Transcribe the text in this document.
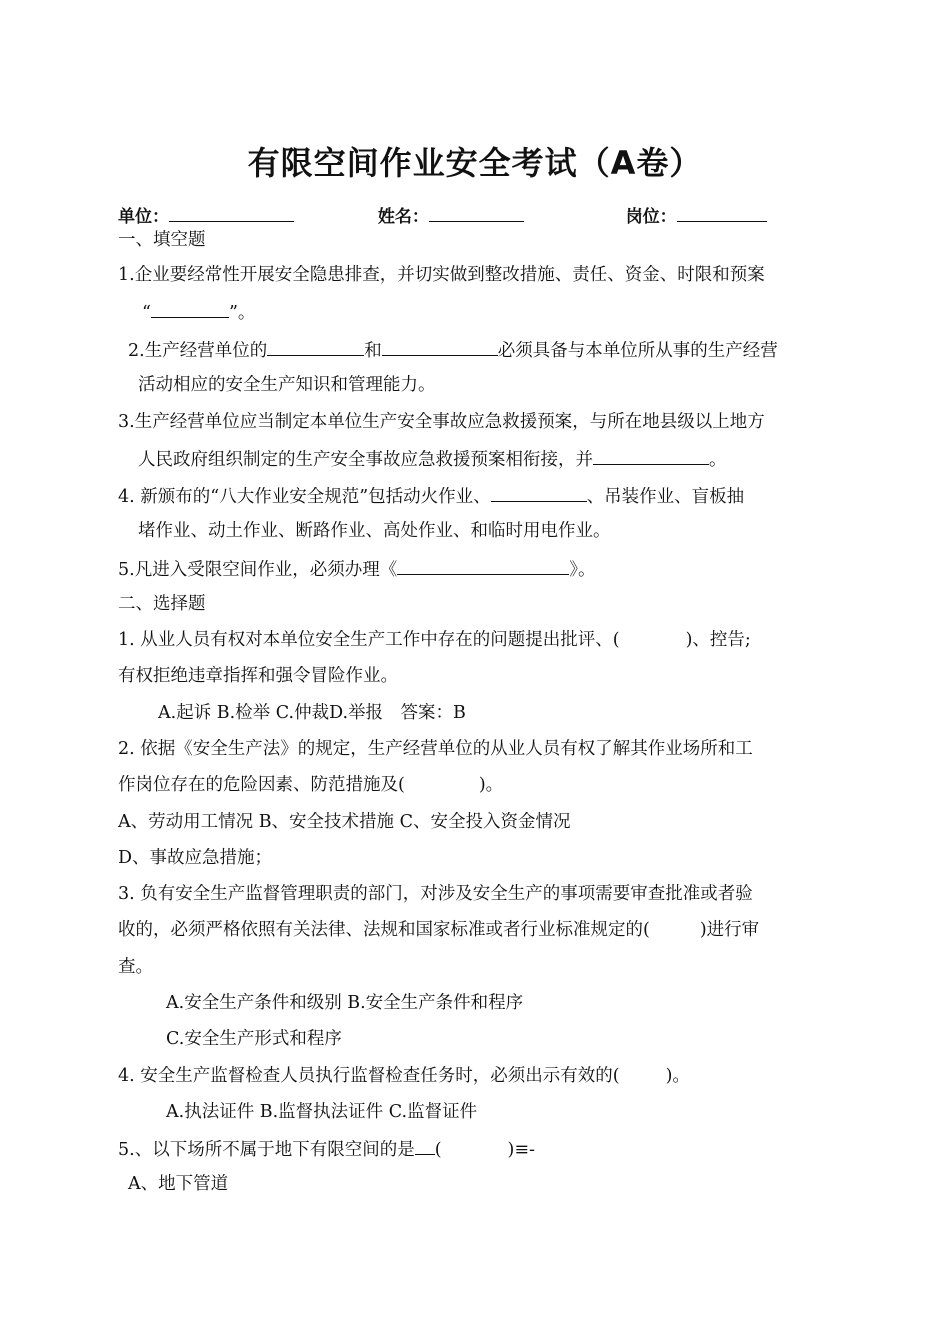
有限空间作业安全考试（A卷）
单位：	姓名：	岗位：
一、填空题
1.企业要经常性开展安全隐患排查，并切实做到整改措施、责任、资金、时限和预案
“	”。
2.生产经营单位的	和	必须具备与本单位所从事的生产经营
活动相应的安全生产知识和管理能力。
3.生产经营单位应当制定本单位生产安全事故应急救援预案，与所在地县级以上地方
人民政府组织制定的生产安全事故应急救援预案相衔接，并	。
4. 新颁布的“八大作业安全规范”包括动火作业、	、吊装作业、盲板抽
堵作业、动土作业、断路作业、高处作业、和临时用电作业。
5.凡进入受限空间作业，必须办理《	》。
二、选择题
1. 从业人员有权对本单位安全生产工作中存在的问题提出批评、(	)、控告;
有权拒绝违章指挥和强令冒险作业。
A.起诉 B.检举 C.仲裁D.举报　答案：B
2. 依据《安全生产法》的规定，生产经营单位的从业人员有权了解其作业场所和工
作岗位存在的危险因素、防范措施及(	)。
A、劳动用工情况 B、安全技术措施 C、安全投入资金情况
D、事故应急措施；
3. 负有安全生产监督管理职责的部门，对涉及安全生产的事项需要审查批准或者验
收的，必须严格依照有关法律、法规和国家标准或者行业标准规定的(	)进行审
查。
A.安全生产条件和级别 B.安全生产条件和程序
C.安全生产形式和程序
4. 安全生产监督检查人员执行监督检查任务时，必须出示有效的(	)。
A.执法证件 B.监督执法证件 C.监督证件
5.、以下场所不属于地下有限空间的是 (	)≡-
A、地下管道
